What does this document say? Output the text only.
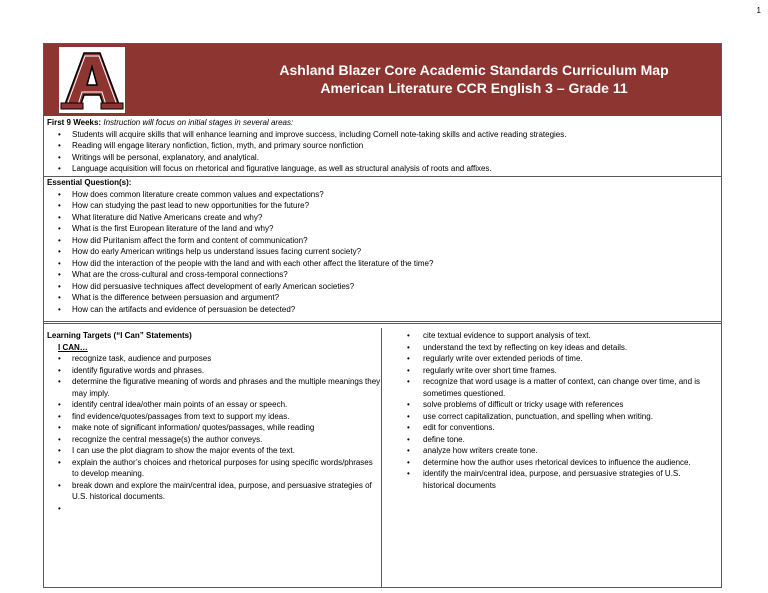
1
Ashland Blazer Core Academic Standards Curriculum Map
American Literature CCR English 3 – Grade 11
First 9 Weeks: Instruction will focus on initial stages in several areas:
• Students will acquire skills that will enhance learning and improve success, including Cornell note-taking skills and active reading strategies.
• Reading will engage literary nonfiction, fiction, myth, and primary source nonfiction
• Writings will be personal, explanatory, and analytical.
• Language acquisition will focus on rhetorical and figurative language, as well as structural analysis of roots and affixes.
Essential Question(s):
• How does common literature create common values and expectations?
• How can studying the past lead to new opportunities for the future?
• What literature did Native Americans create and why?
• What is the first European literature of the land and why?
• How did Puritanism affect the form and content of communication?
• How do early American writings help us understand issues facing current society?
• How did the interaction of the people with the land and with each other affect the literature of the time?
• What are the cross-cultural and cross-temporal connections?
• How did persuasive techniques affect development of early American societies?
• What is the difference between persuasion and argument?
• How can the artifacts and evidence of persuasion be detected?
Learning Targets (“I Can” Statements)
I CAN…
• recognize task, audience and purposes
• identify figurative words and phrases.
• determine the figurative meaning of words and phrases and the multiple meanings they may imply.
• identify central idea/other main points of an essay or speech.
• find evidence/quotes/passages from text to support my ideas.
• make note of significant information/ quotes/passages, while reading
• recognize the central message(s) the author conveys.
• I can use the plot diagram to show the major events of the text.
• explain the author’s choices and rhetorical purposes for using specific words/phrases to develop meaning.
• break down and explore the main/central idea, purpose, and persuasive strategies of U.S. historical documents.
•
• cite textual evidence to support analysis of text.
• understand the text by reflecting on key ideas and details.
• regularly write over extended periods of time.
• regularly write over short time frames.
• recognize that word usage is a matter of context, can change over time, and is sometimes questioned.
• solve problems of difficult or tricky usage with references
• use correct capitalization, punctuation, and spelling when writing.
• edit for conventions.
• define tone.
• analyze how writers create tone.
• determine how the author uses rhetorical devices to influence the audience.
• identify the main/central idea, purpose, and persuasive strategies of U.S. historical documents
